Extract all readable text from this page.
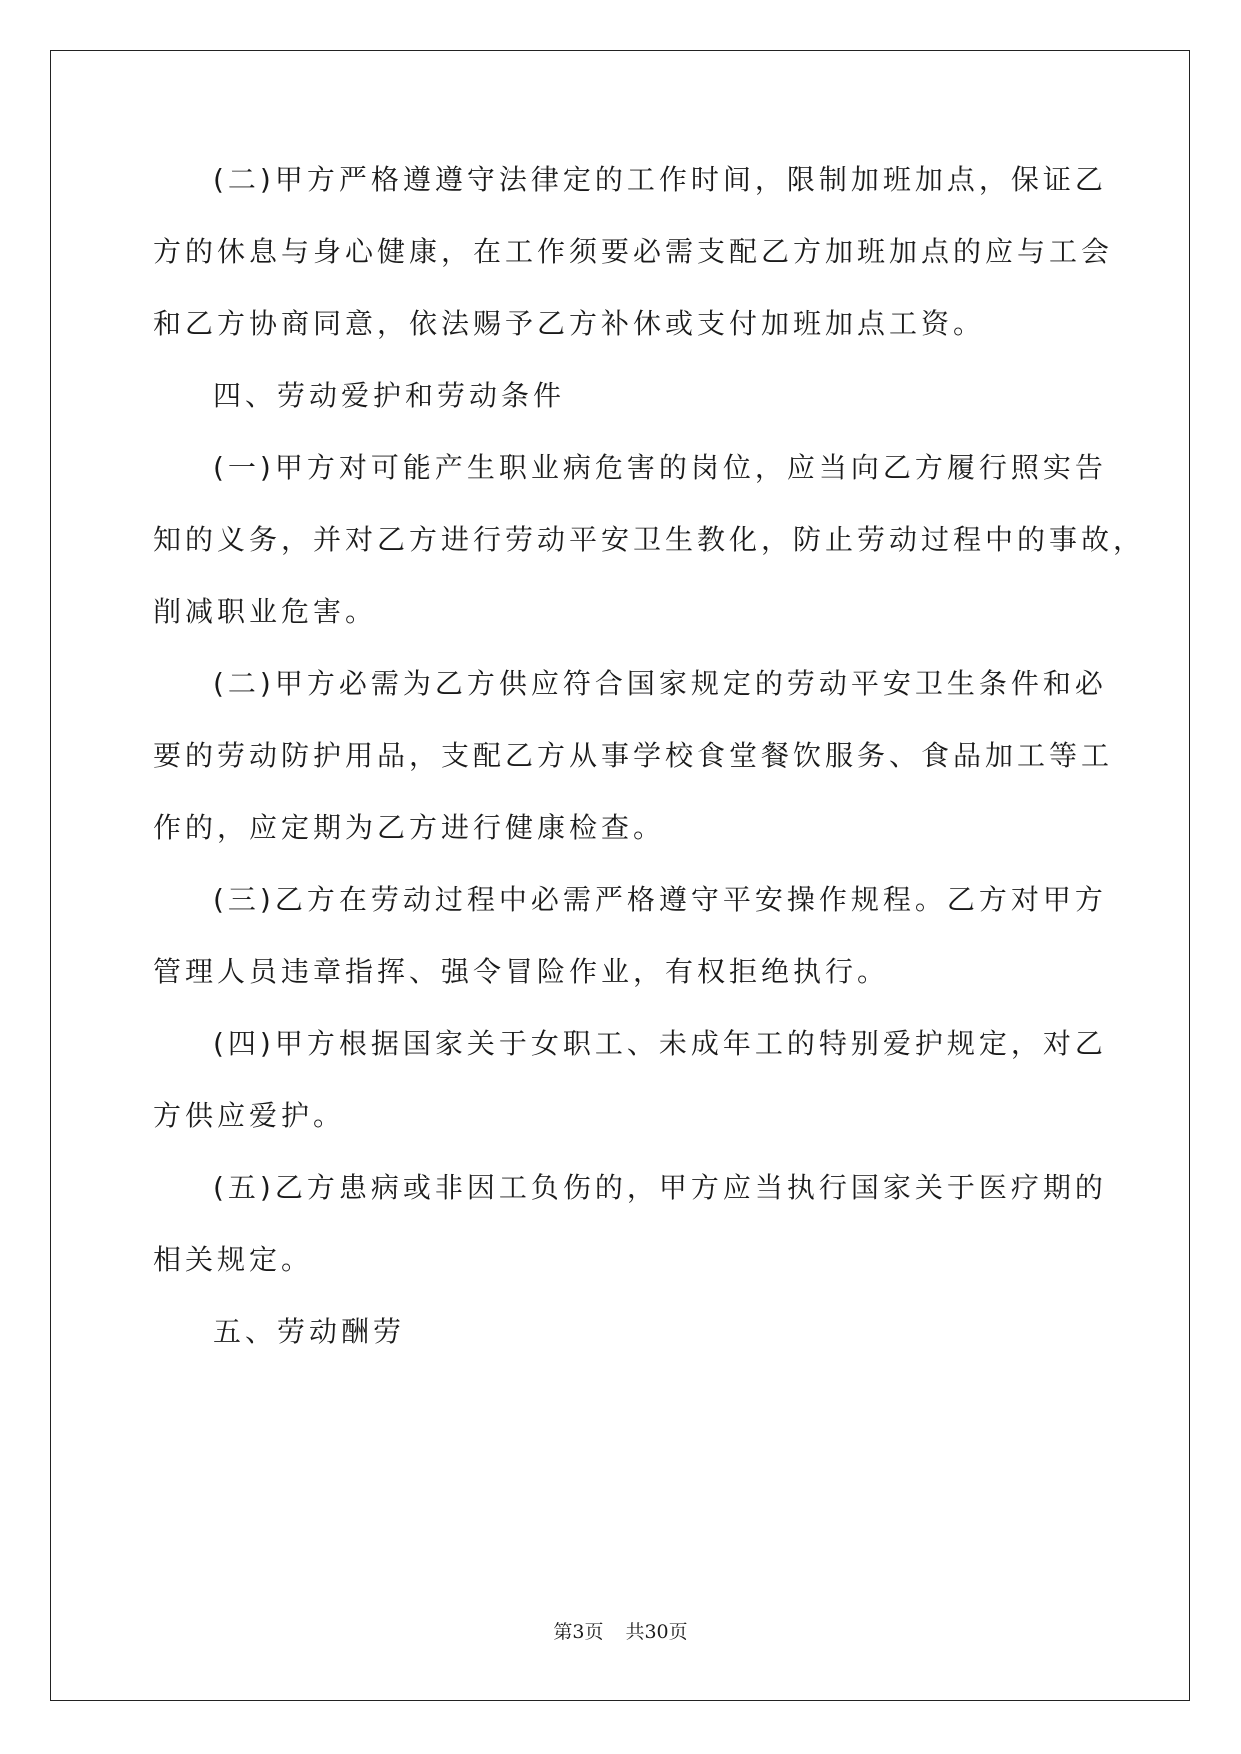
(二)甲方严格遵遵守法律定的工作时间，限制加班加点，保证乙
方的休息与身心健康，在工作须要必需支配乙方加班加点的应与工会
和乙方协商同意，依法赐予乙方补休或支付加班加点工资。
四、劳动爱护和劳动条件
(一)甲方对可能产生职业病危害的岗位，应当向乙方履行照实告
知的义务，并对乙方进行劳动平安卫生教化，防止劳动过程中的事故，
削减职业危害。
(二)甲方必需为乙方供应符合国家规定的劳动平安卫生条件和必
要的劳动防护用品，支配乙方从事学校食堂餐饮服务、食品加工等工
作的，应定期为乙方进行健康检查。
(三)乙方在劳动过程中必需严格遵守平安操作规程。乙方对甲方
管理人员违章指挥、强令冒险作业，有权拒绝执行。
(四)甲方根据国家关于女职工、未成年工的特别爱护规定，对乙
方供应爱护。
(五)乙方患病或非因工负伤的，甲方应当执行国家关于医疗期的
相关规定。
五、劳动酬劳
第3页 共30页
